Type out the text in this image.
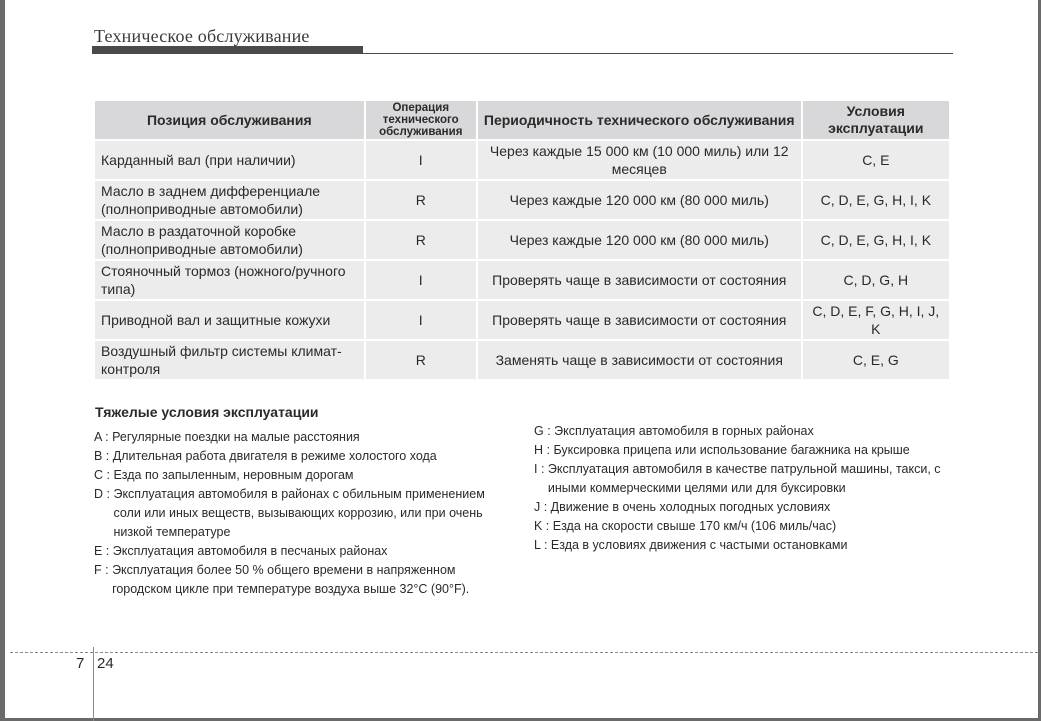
Техническое обслуживание
Позиция обслуживания	Операция технического обслуживания	Периодичность технического обслуживания	Условия эксплуатации
Карданный вал (при наличии)	I	Через каждые 15 000 км (10 000 миль) или 12 месяцев	C, E
Масло в заднем дифференциале (полноприводные автомобили)	R	Через каждые 120 000 км (80 000 миль)	C, D, E, G, H, I, K
Масло в раздаточной коробке (полноприводные автомобили)	R	Через каждые 120 000 км (80 000 миль)	C, D, E, G, H, I, K
Стояночный тормоз (ножного/ручного типа)	I	Проверять чаще в зависимости от состояния	C, D, G, H
Приводной вал и защитные кожухи	I	Проверять чаще в зависимости от состояния	C, D, E, F, G, H, I, J, K
Воздушный фильтр системы климат-контроля	R	Заменять чаще в зависимости от состояния	C, E, G
Тяжелые условия эксплуатации
A : Регулярные поездки на малые расстояния
B : Длительная работа двигателя в режиме холостого хода
C : Езда по запыленным, неровным дорогам
D : Эксплуатация автомобиля в районах с обильным применением соли или иных веществ, вызывающих коррозию, или при очень низкой температуре
E : Эксплуатация автомобиля в песчаных районах
F : Эксплуатация более 50 % общего времени в напряженном городском цикле при температуре воздуха выше 32°C (90°F).
G : Эксплуатация автомобиля в горных районах
H : Буксировка прицепа или использование багажника на крыше
I : Эксплуатация автомобиля в качестве патрульной машины, такси, с иными коммерческими целями или для буксировки
J : Движение в очень холодных погодных условиях
K : Езда на скорости свыше 170 км/ч (106 миль/час)
L : Езда в условиях движения с частыми остановками
7 24
